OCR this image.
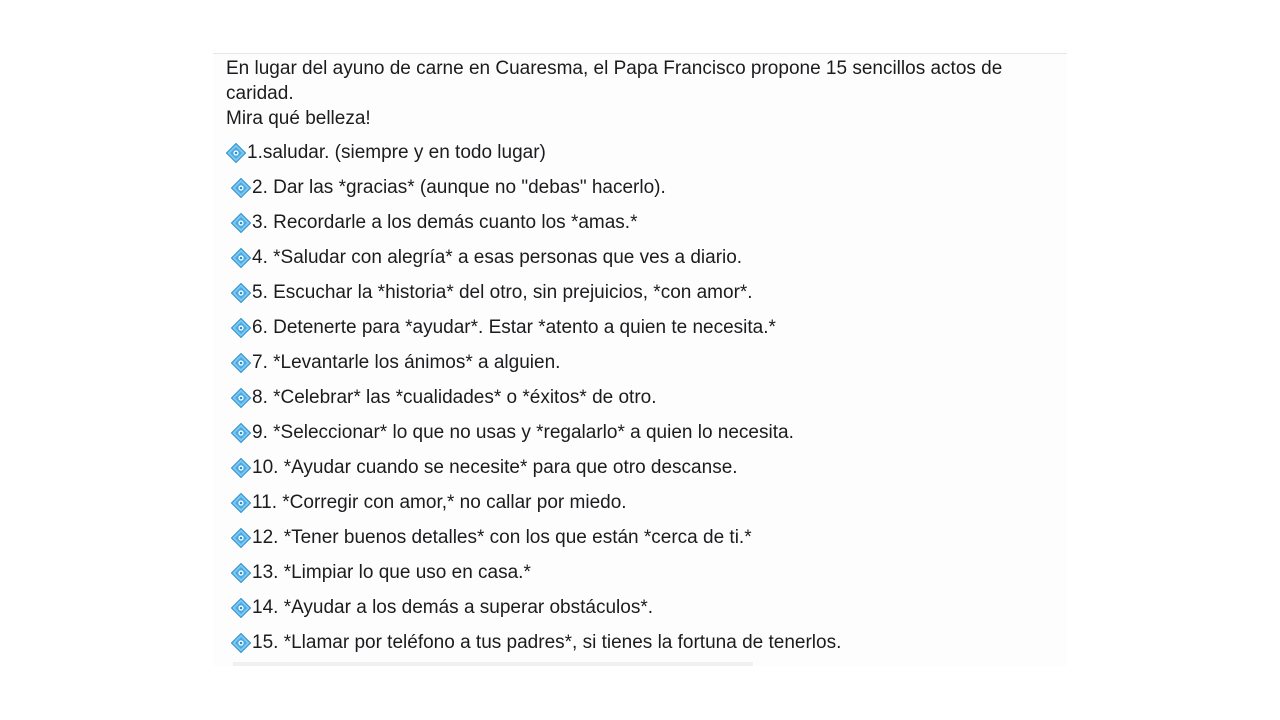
En lugar del ayuno de carne en Cuaresma, el Papa Francisco propone 15 sencillos actos de
caridad.
Mira qué belleza!
1.saludar. (siempre y en todo lugar)
2. Dar las *gracias* (aunque no "debas" hacerlo).
3. Recordarle a los demás cuanto los *amas.*
4. *Saludar con alegría* a esas personas que ves a diario.
5. Escuchar la *historia* del otro, sin prejuicios, *con amor*.
6. Detenerte para *ayudar*. Estar *atento a quien te necesita.*
7. *Levantarle los ánimos* a alguien.
8. *Celebrar* las *cualidades* o *éxitos* de otro.
9. *Seleccionar* lo que no usas y *regalarlo* a quien lo necesita.
10. *Ayudar cuando se necesite* para que otro descanse.
11. *Corregir con amor,* no callar por miedo.
12. *Tener buenos detalles* con los que están *cerca de ti.*
13. *Limpiar lo que uso en casa.*
14. *Ayudar a los demás a superar obstáculos*.
15. *Llamar por teléfono a tus padres*, si tienes la fortuna de tenerlos.
